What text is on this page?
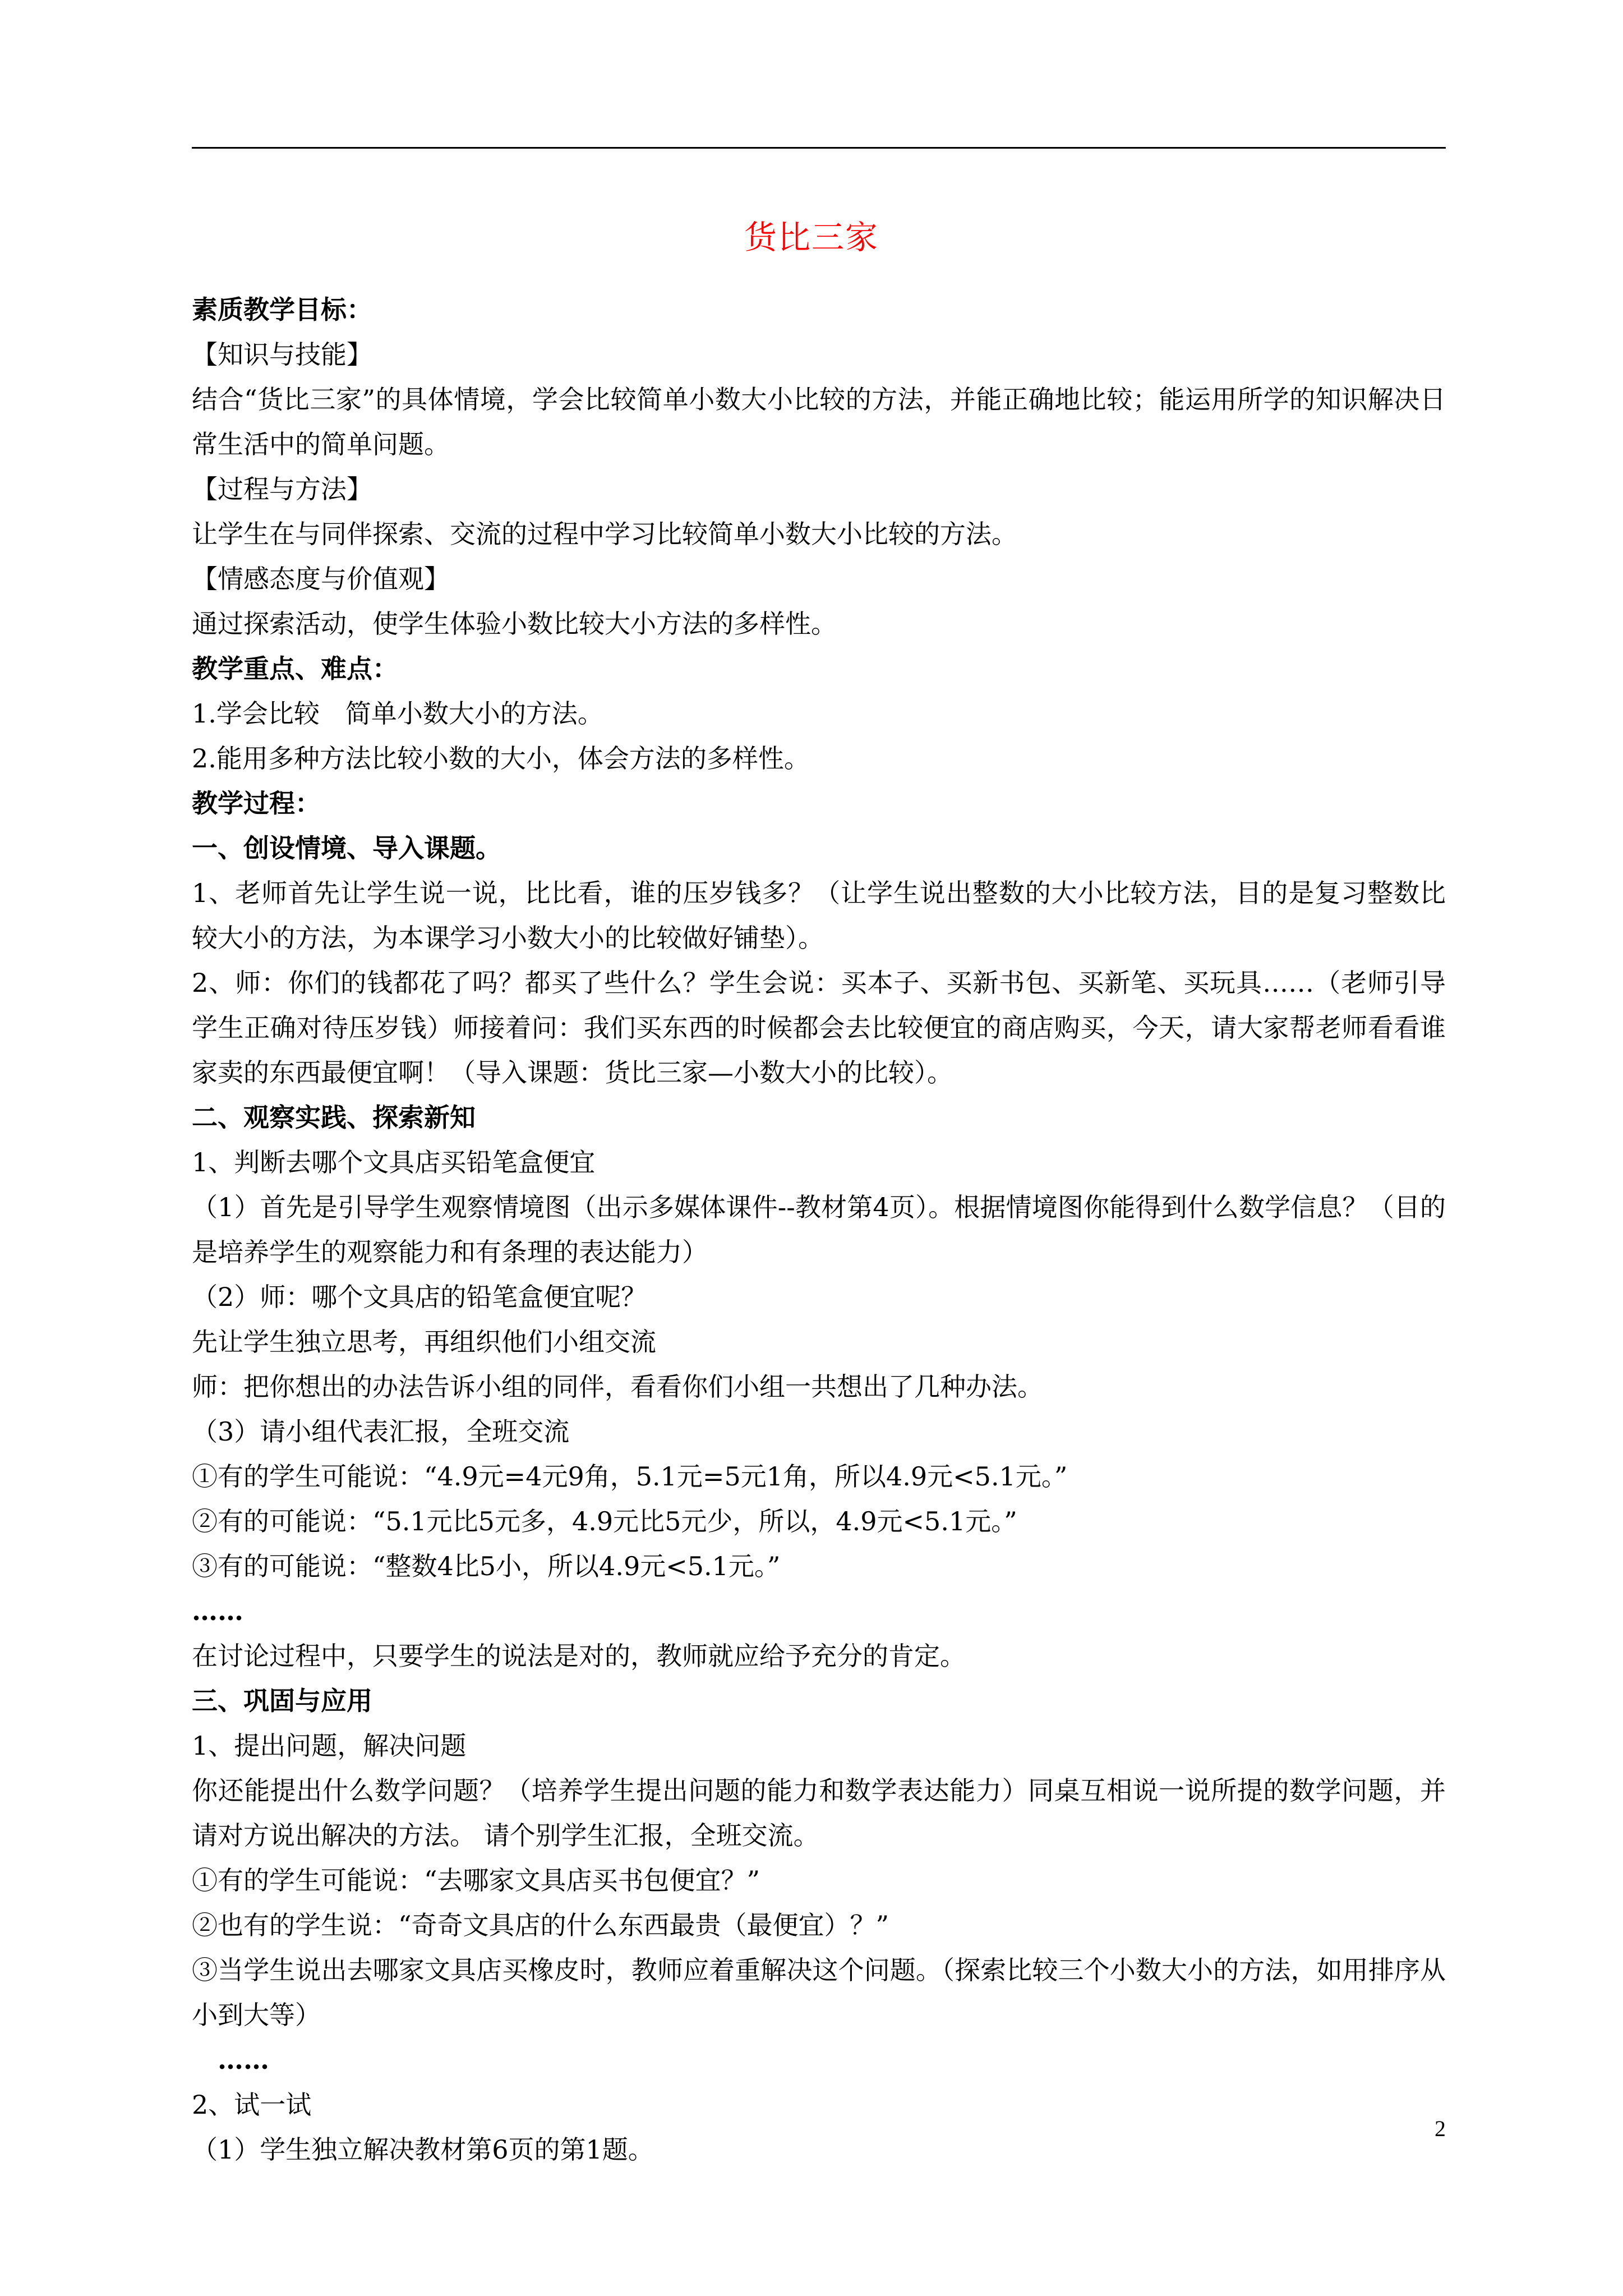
货比三家
素质教学目标：
【知识与技能】
结合“货比三家”的具体情境，学会比较简单小数大小比较的方法，并能正确地比较；能运用所学的知识解决日常生活中的简单问题。
【过程与方法】
让学生在与同伴探索、交流的过程中学习比较简单小数大小比较的方法。
【情感态度与价值观】
通过探索活动，使学生体验小数比较大小方法的多样性。
教学重点、难点：
1.学会比较　简单小数大小的方法。
2.能用多种方法比较小数的大小，体会方法的多样性。
教学过程：
一、创设情境、导入课题。
1、老师首先让学生说一说，比比看，谁的压岁钱多？（让学生说出整数的大小比较方法，目的是复习整数比较大小的方法，为本课学习小数大小的比较做好铺垫）。
2、师：你们的钱都花了吗？都买了些什么？学生会说：买本子、买新书包、买新笔、买玩具……（老师引导学生正确对待压岁钱）师接着问：我们买东西的时候都会去比较便宜的商店购买，今天，请大家帮老师看看谁家卖的东西最便宜啊！（导入课题：货比三家—小数大小的比较）。
二、观察实践、探索新知
1、判断去哪个文具店买铅笔盒便宜
（1）首先是引导学生观察情境图（出示多媒体课件--教材第4页）。根据情境图你能得到什么数学信息？（目的是培养学生的观察能力和有条理的表达能力）
（2）师：哪个文具店的铅笔盒便宜呢？
先让学生独立思考，再组织他们小组交流
师：把你想出的办法告诉小组的同伴，看看你们小组一共想出了几种办法。
（3）请小组代表汇报，全班交流
①有的学生可能说：“4.9元=4元9角，5.1元=5元1角，所以4.9元<5.1元。”
②有的可能说：“5.1元比5元多，4.9元比5元少，所以，4.9元<5.1元。”
③有的可能说：“整数4比5小，所以4.9元<5.1元。”
……
在讨论过程中，只要学生的说法是对的，教师就应给予充分的肯定。
三、巩固与应用
1、提出问题，解决问题
你还能提出什么数学问题？（培养学生提出问题的能力和数学表达能力）同桌互相说一说所提的数学问题，并请对方说出解决的方法。 请个别学生汇报，全班交流。
①有的学生可能说：“去哪家文具店买书包便宜？”
②也有的学生说：“奇奇文具店的什么东西最贵（最便宜）？”
③当学生说出去哪家文具店买橡皮时，教师应着重解决这个问题。（探索比较三个小数大小的方法，如用排序从小到大等）
　……
2、试一试
（1）学生独立解决教材第6页的第1题。
2
